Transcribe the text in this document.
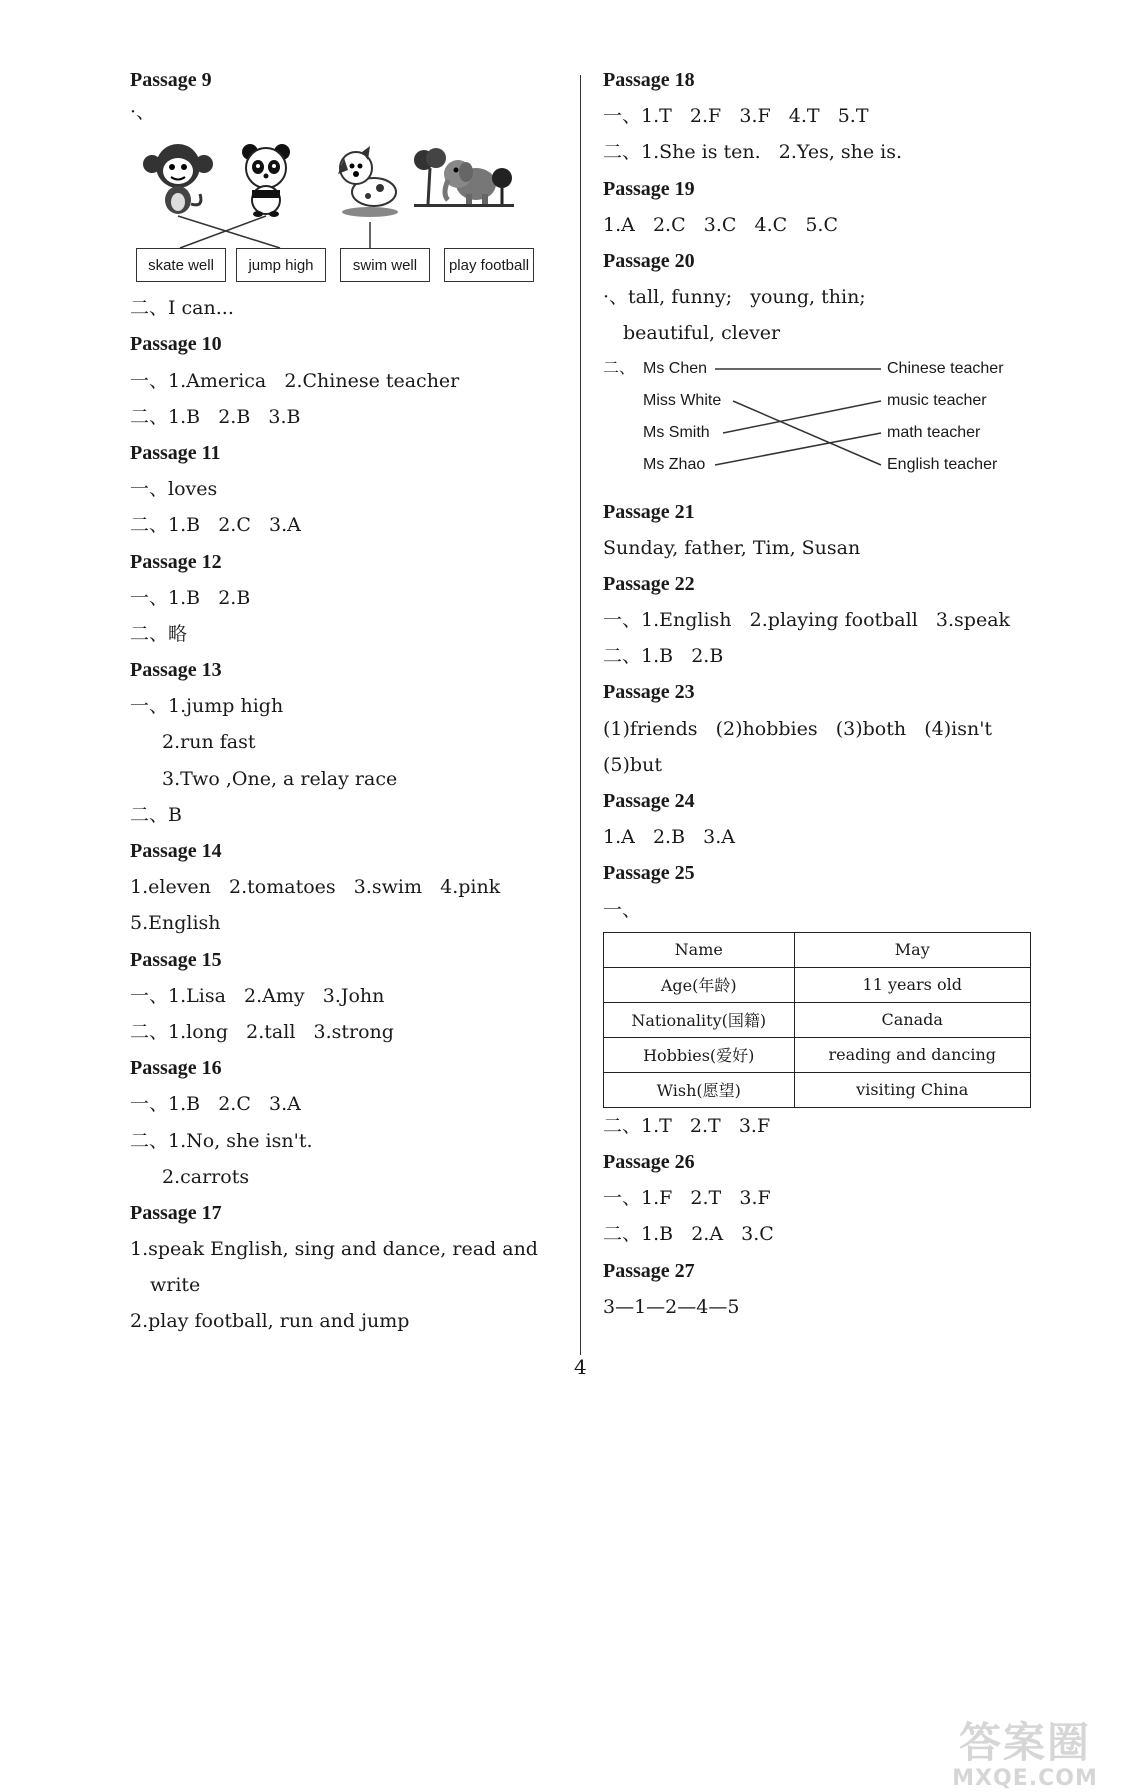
Passage 9
·、
skate well	jump high	swim well	play football
二、I can...
Passage 10
一、1.America   2.Chinese teacher
二、1.B   2.B   3.B
Passage 11
一、loves
二、1.B   2.C   3.A
Passage 12
一、1.B   2.B
二、略
Passage 13
一、1.jump high
2.run fast
3.Two ,One, a relay race
二、B
Passage 14
1.eleven   2.tomatoes   3.swim   4.pink
5.English
Passage 15
一、1.Lisa   2.Amy   3.John
二、1.long   2.tall   3.strong
Passage 16
一、1.B   2.C   3.A
二、1.No, she isn't.
2.carrots
Passage 17
1.speak English, sing and dance, read and
write
2.play football, run and jump
Passage 18
一、1.T   2.F   3.F   4.T   5.T
二、1.She is ten.   2.Yes, she is.
Passage 19
1.A   2.C   3.C   4.C   5.C
Passage 20
·、tall, funny;   young, thin;
beautiful, clever
二、 Ms Chen
Miss White
Ms Smith
Ms Zhao
Chinese teacher
music teacher
math teacher
English teacher
Passage 21
Sunday, father, Tim, Susan
Passage 22
一、1.English   2.playing football   3.speak
二、1.B   2.B
Passage 23
(1)friends   (2)hobbies   (3)both   (4)isn't
(5)but
Passage 24
1.A   2.B   3.A
Passage 25
一、
Name	May
Age(年龄)	11 years old
Nationality(国籍)	Canada
Hobbies(爱好)	reading and dancing
Wish(愿望)	visiting China
二、1.T   2.T   3.F
Passage 26
一、1.F   2.T   3.F
二、1.B   2.A   3.C
Passage 27
3—1—2—4—5
4
答案圈
MXQE.COM
